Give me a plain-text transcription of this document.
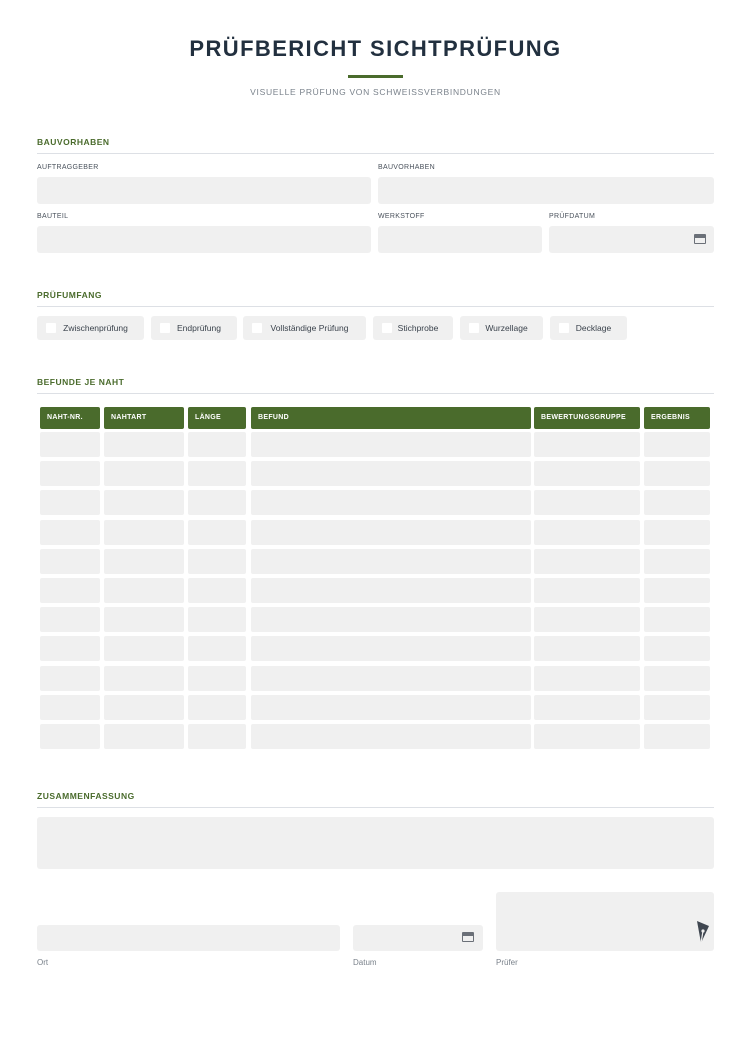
PRÜFBERICHT SICHTPRÜFUNG
VISUELLE PRÜFUNG VON SCHWEISSVERBINDUNGEN
BAUVORHABEN
AUFTRAGGEBER	BAUVORHABEN
BAUTEIL	WERKSTOFF	PRÜFDATUM
PRÜFUMFANG
Zwischenprüfung	Endprüfung	Vollständige Prüfung	Stichprobe	Wurzellage	Decklage
BEFUNDE JE NAHT
NAHT-NR.	NAHTART	LÄNGE	BEFUND	BEWERTUNGSGRUPPE	ERGEBNIS
ZUSAMMENFASSUNG
Ort	Datum	Prüfer
